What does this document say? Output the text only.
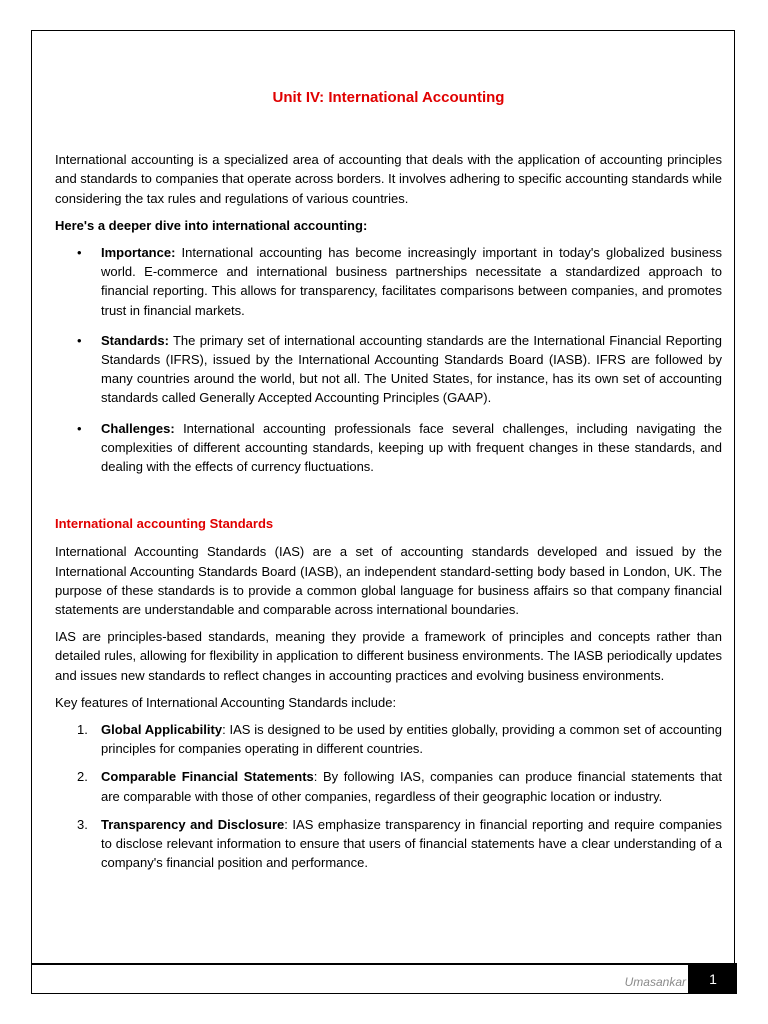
Unit IV: International Accounting

International accounting is a specialized area of accounting that deals with the application of accounting principles and standards to companies that operate across borders. It involves adhering to specific accounting standards while considering the tax rules and regulations of various countries.

Here's a deeper dive into international accounting:

• Importance: International accounting has become increasingly important in today's globalized business world. E-commerce and international business partnerships necessitate a standardized approach to financial reporting. This allows for transparency, facilitates comparisons between companies, and promotes trust in financial markets.
• Standards: The primary set of international accounting standards are the International Financial Reporting Standards (IFRS), issued by the International Accounting Standards Board (IASB). IFRS are followed by many countries around the world, but not all. The United States, for instance, has its own set of accounting standards called Generally Accepted Accounting Principles (GAAP).
• Challenges: International accounting professionals face several challenges, including navigating the complexities of different accounting standards, keeping up with frequent changes in these standards, and dealing with the effects of currency fluctuations.
International accounting Standards

International Accounting Standards (IAS) are a set of accounting standards developed and issued by the International Accounting Standards Board (IASB), an independent standard-setting body based in London, UK. The purpose of these standards is to provide a common global language for business affairs so that company financial statements are understandable and comparable across international boundaries.

IAS are principles-based standards, meaning they provide a framework of principles and concepts rather than detailed rules, allowing for flexibility in application to different business environments. The IASB periodically updates and issues new standards to reflect changes in accounting practices and evolving business environments.

Key features of International Accounting Standards include:

1. Global Applicability: IAS is designed to be used by entities globally, providing a common set of accounting principles for companies operating in different countries.
2. Comparable Financial Statements: By following IAS, companies can produce financial statements that are comparable with those of other companies, regardless of their geographic location or industry.
3. Transparency and Disclosure: IAS emphasize transparency in financial reporting and require companies to disclose relevant information to ensure that users of financial statements have a clear understanding of a company's financial position and performance.
Umasankar	1
